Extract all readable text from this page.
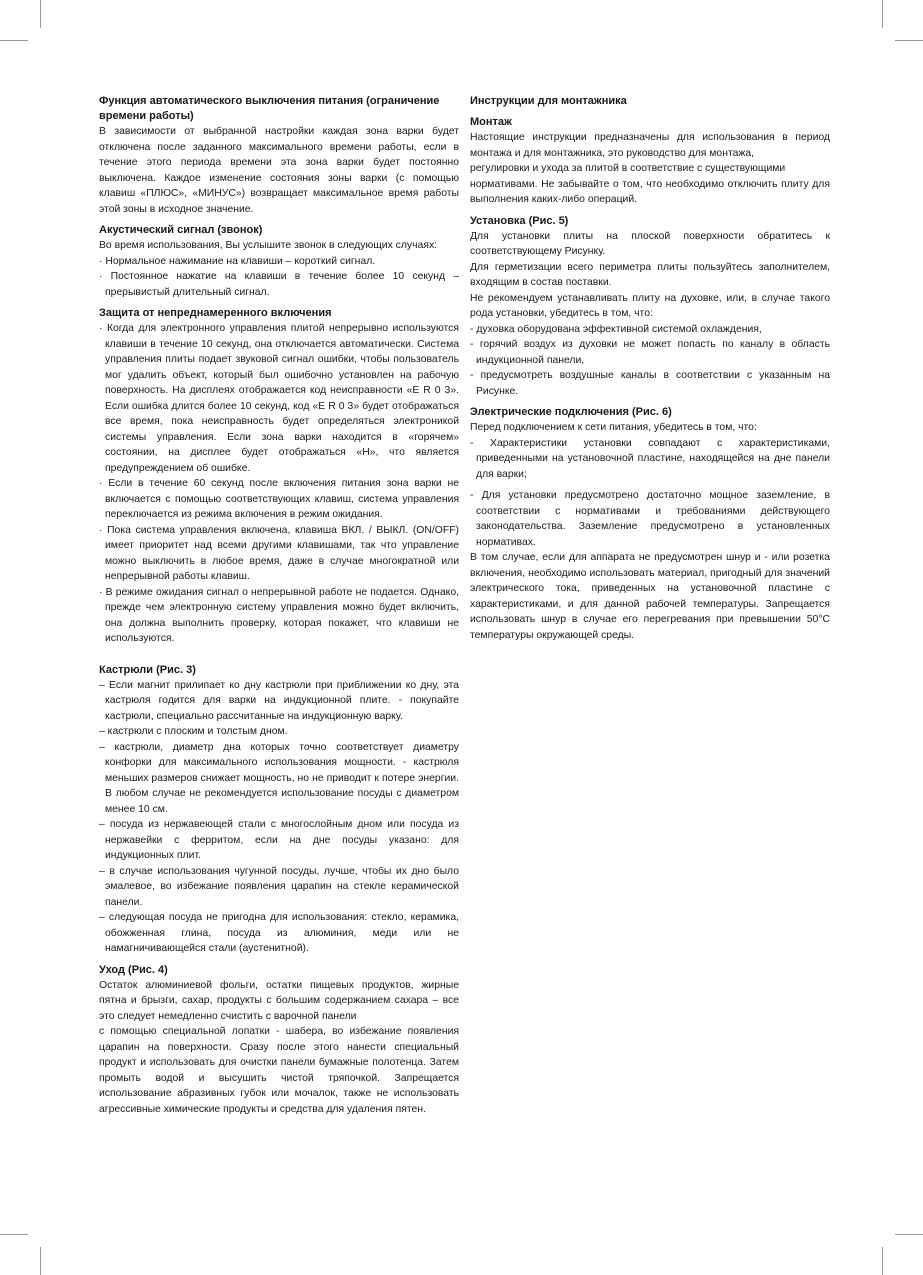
Функция автоматического выключения питания (ограничение времени работы)

В зависимости от выбранной настройки каждая зона варки будет отключена после заданного максимального времени работы, если в течение этого периода времени эта зона варки будет постоянно выключена. Каждое изменение состояния зоны варки (с помощью клавиш «ПЛЮС», «МИНУС») возвращает максимальное время работы этой зоны в исходное значение.

Акустический сигнал (звонок)

Во время использования, Вы услышите звонок в следующих случаях:

· Нормальное нажимание на клавиши – короткий сигнал.

· Постоянное нажатие на клавиши в течение более 10 секунд – прерывистый длительный сигнал.

Защита от непреднамеренного включения

· Когда для электронного управления плитой непрерывно используются клавиши в течение 10 секунд, она отключается автоматически. Система управления плиты подает звуковой сигнал ошибки, чтобы пользователь мог удалить объект, который был ошибочно установлен на рабочую поверхность. На дисплеях отображается код неисправности «E R 0 3». Если ошибка длится более 10 секунд, код «E R 0 3» будет отображаться все время, пока неисправность будет определяться электроникой системы управления. Если зона варки находится в «горячем» состоянии, на дисплее будет отображаться «H», что является предупреждением об ошибке.

· Если в течение 60 секунд после включения питания зона варки не включается с помощью соответствующих клавиш, система управления переключается из режима включения в режим ожидания.

· Пока система управления включена, клавиша ВКЛ. / ВЫКЛ. (ON/OFF) имеет приоритет над всеми другими клавишами, так что управление можно выключить в любое время, даже в случае многократной или непрерывной работы клавиш.

· В режиме ожидания сигнал о непрерывной работе не подается. Однако, прежде чем электронную систему управления можно будет включить, она должна выполнить проверку, которая покажет, что клавиши не используются.

Кастрюли (Рис. 3)

– Если магнит прилипает ко дну кастрюли при приближении ко дну, эта кастрюля годится для варки на индукционной плите. - покупайте кастрюли, специально рассчитанные на индукционную варку.

– кастрюли с плоским и толстым дном.

– кастрюли, диаметр дна которых точно соответствует диаметру конфорки для максимального использования мощности. - кастрюля меньших размеров снижает мощность, но не приводит к потере энергии. В любом случае не рекомендуется использование посуды с диаметром менее 10 см.

– посуда из нержавеющей стали с многослойным дном или посуда из нержавейки с ферритом, если на дне посуды указано: для индукционных плит.

– в случае использования чугунной посуды, лучше, чтобы их дно было эмалевое, во избежание появления царапин на стекле керамической панели.

– следующая посуда не пригодна для использования: стекло, керамика, обожженная глина, посуда из алюминия, меди или не намагничивающейся стали (аустенитной).

Уход (Рис. 4)

Остаток алюминиевой фольги, остатки пищевых продуктов, жирные пятна и брызги, сахар, продукты с большим содержанием сахара – все это следует немедленно счистить с варочной панели

с помощью специальной лопатки - шабера, во избежание появления царапин на поверхности. Сразу после этого нанести специальный продукт и использовать для очистки панели бумажные полотенца. Затем промыть водой и высушить чистой тряпочкой. Запрещается использование абразивных губок или мочалок, также не использовать агрессивные химические продукты и средства для удаления пятен.

Инструкции для монтажника
Монтаж

Настоящие инструкции предназначены для использования в период монтажа и для монтажника, это руководство для монтажа,

регулировки и ухода за плитой в соответствие с существующими

нормативами. Не забывайте о том, что необходимо отключить плиту для выполнения каких-либо операций.

Установка (Рис. 5)

Для установки плиты на плоской поверхности обратитесь к соответствующему Рисунку.

Для герметизации всего периметра плиты пользуйтесь заполнителем, входящим в состав поставки.

Не рекомендуем устанавливать плиту на духовке, или, в случае такого рода установки, убедитесь в том, что:

- духовка оборудована эффективной системой охлаждения,

- горячий воздух из духовки не может попасть по каналу в область индукционной панели,

- предусмотреть воздушные каналы в соответствии с указанным на Рисунке.

Электрические подключения (Рис. 6)

Перед подключением к сети питания, убедитесь в том, что:

- Характеристики установки совпадают с характеристиками, приведенными на установочной пластине, находящейся на дне панели для варки;

- Для установки предусмотрено достаточно мощное заземление, в соответствии с нормативами и требованиями действующего законодательства. Заземление предусмотрено в установленных нормативах.

В том случае, если для аппарата не предусмотрен шнур и - или розетка включения, необходимо использовать материал, пригодный для значений электрического тока, приведенных на установочной пластине с характеристиками, и для данной рабочей температуры. Запрещается использовать шнур в случае его перегревания при превышении 50°C температуры окружающей среды.
